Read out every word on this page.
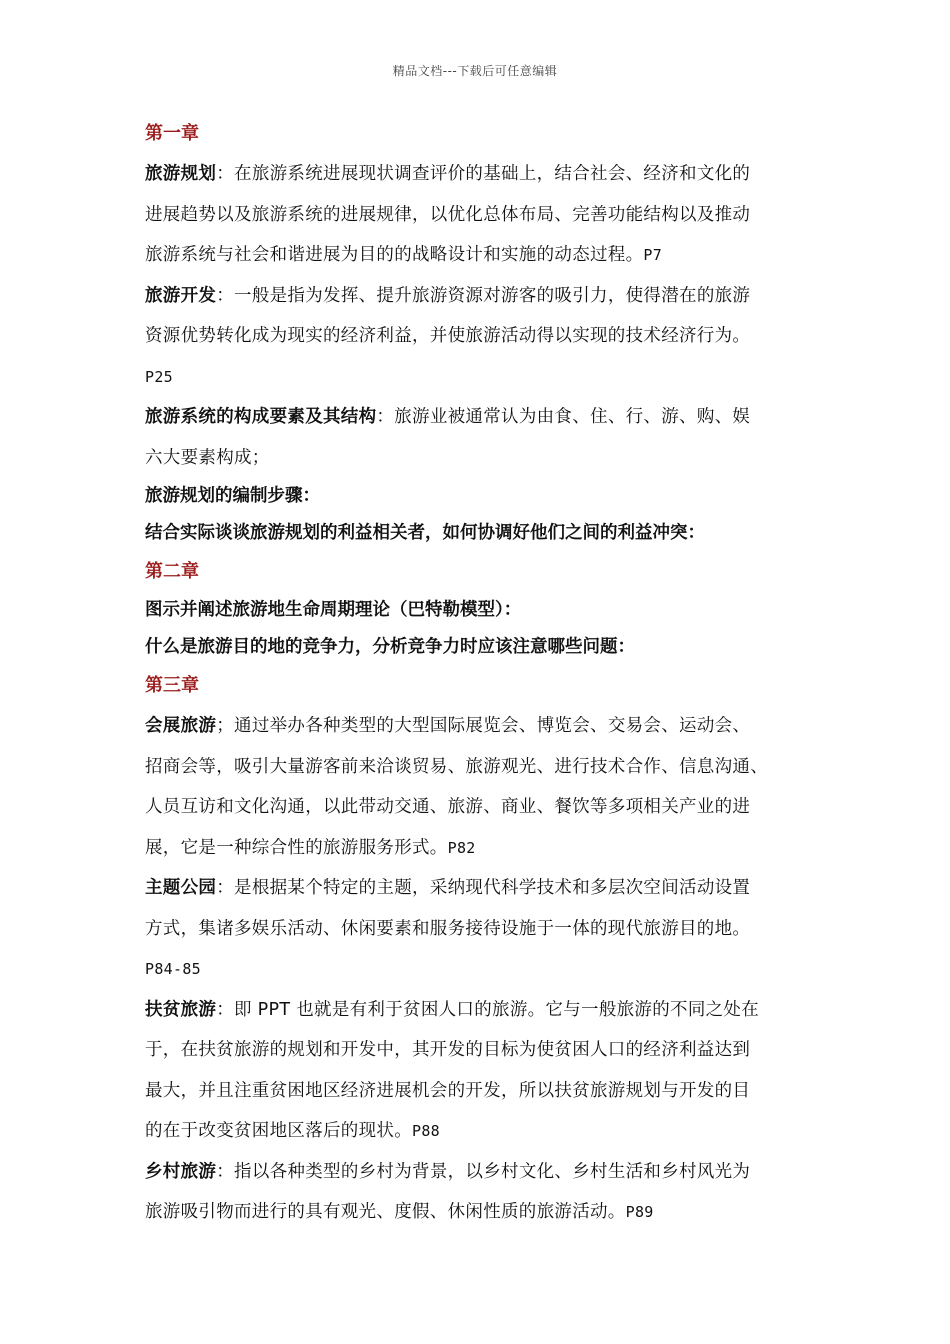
精品文档---下载后可任意编辑
第一章
旅游规划：在旅游系统进展现状调查评价的基础上，结合社会、经济和文化的
进展趋势以及旅游系统的进展规律，以优化总体布局、完善功能结构以及推动
旅游系统与社会和谐进展为目的的战略设计和实施的动态过程。P7
旅游开发：一般是指为发挥、提升旅游资源对游客的吸引力，使得潜在的旅游
资源优势转化成为现实的经济利益，并使旅游活动得以实现的技术经济行为。
P25
旅游系统的构成要素及其结构：旅游业被通常认为由食、住、行、游、购、娱
六大要素构成；
旅游规划的编制步骤：
结合实际谈谈旅游规划的利益相关者，如何协调好他们之间的利益冲突：
第二章
图示并阐述旅游地生命周期理论（巴特勒模型）：
什么是旅游目的地的竞争力，分析竞争力时应该注意哪些问题：
第三章
会展旅游；通过举办各种类型的大型国际展览会、博览会、交易会、运动会、
招商会等，吸引大量游客前来洽谈贸易、旅游观光、进行技术合作、信息沟通、
人员互访和文化沟通，以此带动交通、旅游、商业、餐饮等多项相关产业的进
展，它是一种综合性的旅游服务形式。P82
主题公园：是根据某个特定的主题，采纳现代科学技术和多层次空间活动设置
方式，集诸多娱乐活动、休闲要素和服务接待设施于一体的现代旅游目的地。
P84-85
扶贫旅游：即 PPT 也就是有利于贫困人口的旅游。它与一般旅游的不同之处在
于，在扶贫旅游的规划和开发中，其开发的目标为使贫困人口的经济利益达到
最大，并且注重贫困地区经济进展机会的开发，所以扶贫旅游规划与开发的目
的在于改变贫困地区落后的现状。P88
乡村旅游：指以各种类型的乡村为背景，以乡村文化、乡村生活和乡村风光为
旅游吸引物而进行的具有观光、度假、休闲性质的旅游活动。P89
